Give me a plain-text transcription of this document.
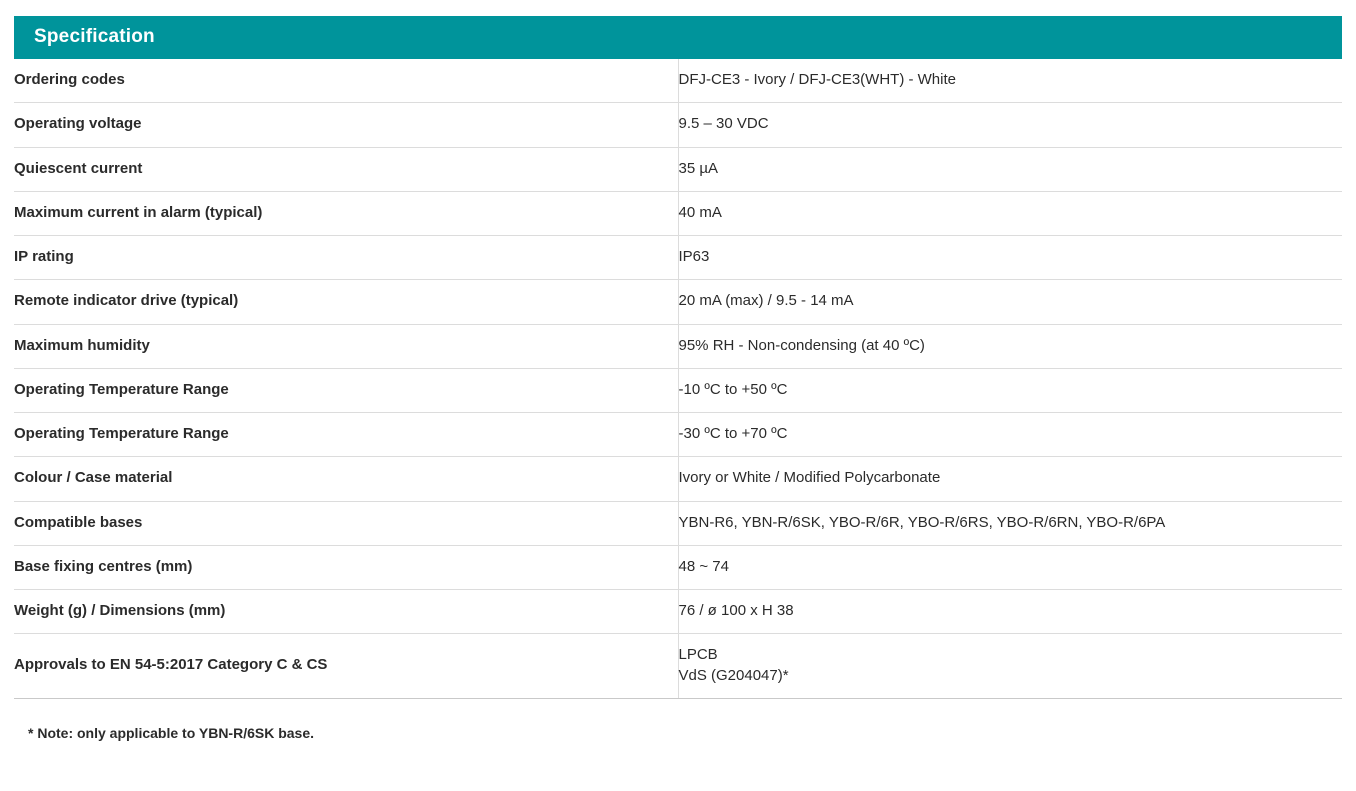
Specification	
Ordering codes	DFJ-CE3 - Ivory / DFJ-CE3(WHT) - White

Operating voltage	9.5 – 30 VDC

Quiescent current	35 µA

Maximum current in alarm (typical)	40 mA

IP rating	IP63

Remote indicator drive (typical)	20 mA (max) / 9.5 - 14 mA

Maximum humidity	95% RH - Non-condensing (at 40 ºC)

Operating Temperature Range	-10 ºC to +50 ºC

Operating Temperature Range	-30 ºC to +70 ºC

Colour / Case material	Ivory or White / Modified Polycarbonate

Compatible bases	YBN-R6, YBN-R/6SK, YBO-R/6R, YBO-R/6RS, YBO-R/6RN, YBO-R/6PA

Base fixing centres (mm)	48 ~ 74

Weight (g) / Dimensions (mm)	76 / ø 100 x H 38

Approvals to EN 54-5:2017 Category C & CS	LPCB
VdS (G204047)*
* Note: only applicable to YBN-R/6SK base.
